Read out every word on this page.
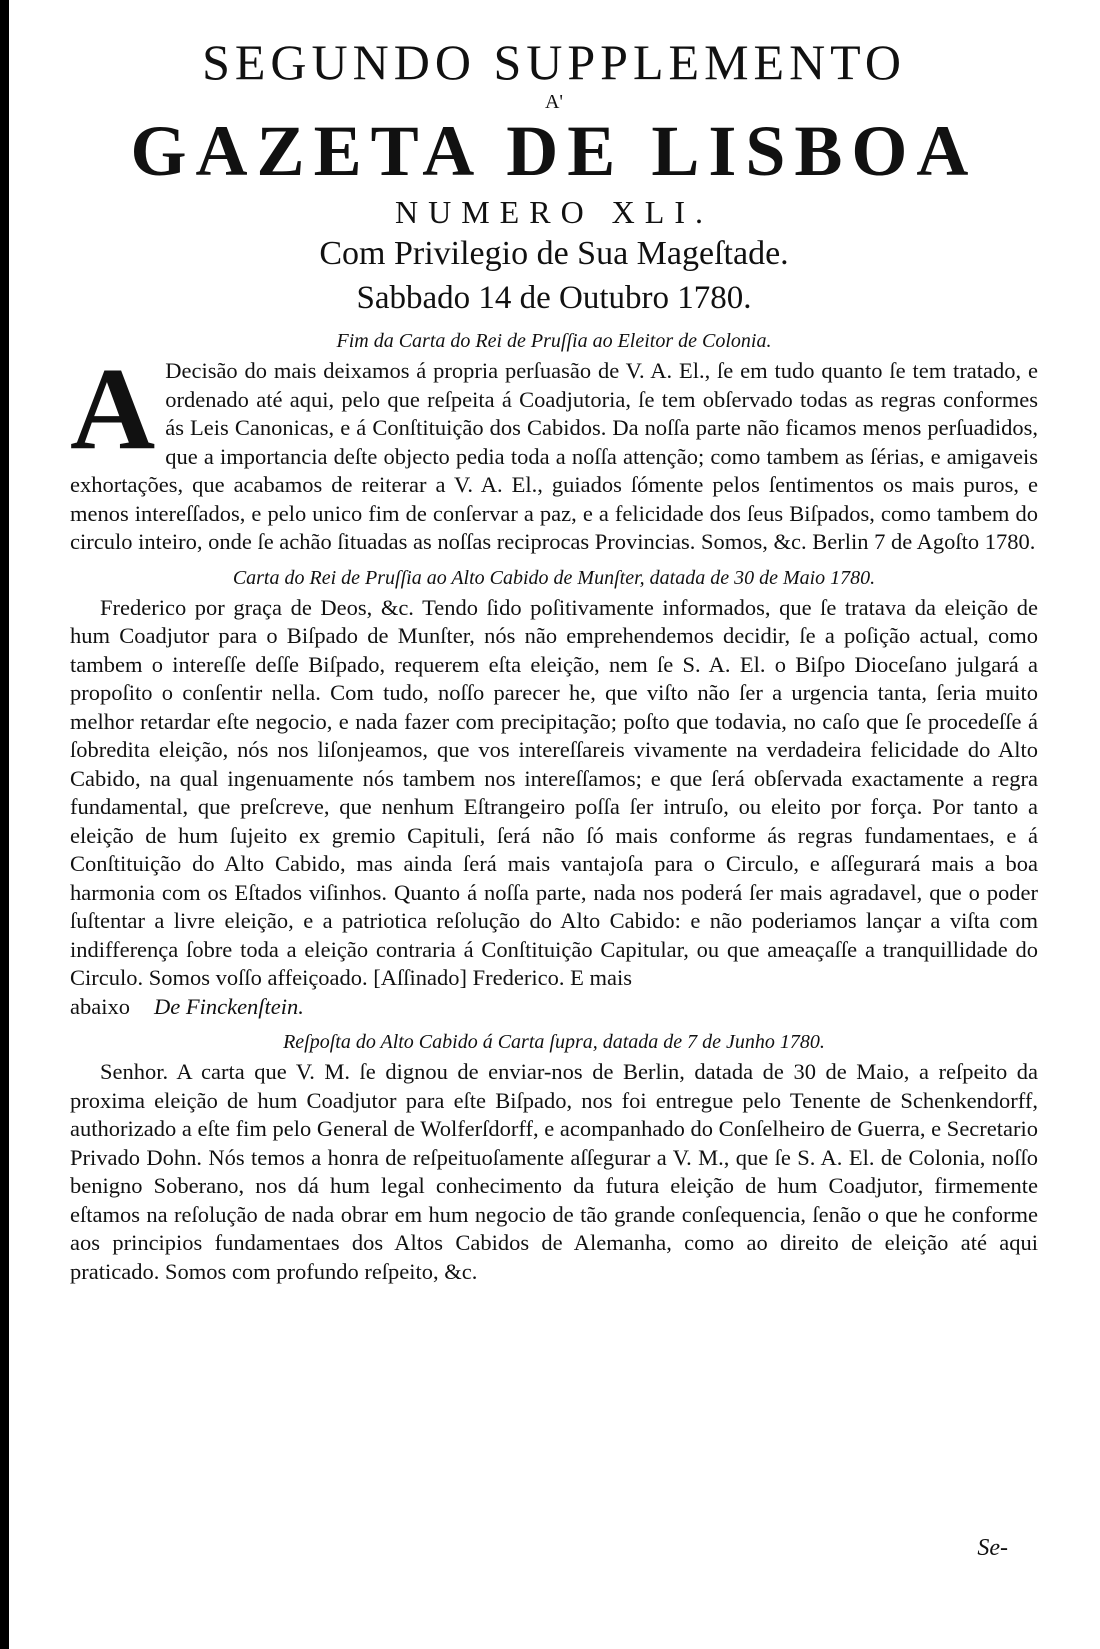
SEGUNDO SUPPLEMENTO
A'
GAZETA DE LISBOA
NUMERO XLI.
Com Privilegio de Sua Mageſtade.
Sabbado 14 de Outubro 1780.
Fim da Carta do Rei de Pruſſia ao Eleitor de Colonia.

A Decisão do mais deixamos á propria perſuasão de V. A. El., ſe em tudo quanto ſe tem tratado, e ordenado até aqui, pelo que reſpeita á Coadjutoria, ſe tem obſervado todas as regras conformes ás Leis Canonicas, e á Conſtituição dos Cabidos. Da noſſa parte não ficamos menos perſuadidos, que a importancia deſte objecto pedia toda a noſſa attenção; como tambem as ſérias, e amigaveis exhortações, que acabamos de reiterar a V. A. El., guiados ſómente pelos ſentimentos os mais puros, e menos intereſſados, e pelo unico fim de conſervar a paz, e a felicidade dos ſeus Biſpados, como tambem do circulo inteiro, onde ſe achão ſituadas as noſſas reciprocas Provincias. Somos, &c. Berlin 7 de Agoſto 1780.

Carta do Rei de Pruſſia ao Alto Cabido de Munſter, datada de 30 de Maio 1780.

Frederico por graça de Deos, &c. Tendo ſido poſitivamente informados, que ſe tratava da eleição de hum Coadjutor para o Biſpado de Munſter, nós não emprehendemos decidir, ſe a poſição actual, como tambem o intereſſe deſſe Biſpado, requerem eſta eleição, nem ſe S. A. El. o Biſpo Dioceſano julgará a propoſito o conſentir nella. Com tudo, noſſo parecer he, que viſto não ſer a urgencia tanta, ſeria muito melhor retardar eſte negocio, e nada fazer com precipitação; poſto que todavia, no caſo que ſe procedeſſe á ſobredita eleição, nós nos liſonjeamos, que vos intereſſareis vivamente na verdadeira felicidade do Alto Cabido, na qual ingenuamente nós tambem nos intereſſamos; e que ſerá obſervada exactamente a regra fundamental, que preſcreve, que nenhum Eſtrangeiro poſſa ſer intruſo, ou eleito por força. Por tanto a eleição de hum ſujeito ex gremio Capituli, ſerá não ſó mais conforme ás regras fundamentaes, e á Conſtituição do Alto Cabido, mas ainda ſerá mais vantajoſa para o Circulo, e aſſegurará mais a boa harmonia com os Eſtados viſinhos. Quanto á noſſa parte, nada nos poderá ſer mais agradavel, que o poder ſuſtentar a livre eleição, e a patriotica reſolução do Alto Cabido: e não poderiamos lançar a viſta com indifferença ſobre toda a eleição contraria á Conſtituição Capitular, ou que ameaçaſſe a tranquillidade do Circulo. Somos voſſo affeiçoado. [Aſſinado] Frederico. E mais

abaixo De Finckenſtein.

Reſpoſta do Alto Cabido á Carta ſupra, datada de 7 de Junho 1780.

Senhor. A carta que V. M. ſe dignou de enviar-nos de Berlin, datada de 30 de Maio, a reſpeito da proxima eleição de hum Coadjutor para eſte Biſpado, nos foi entregue pelo Tenente de Schenkendorff, authorizado a eſte fim pelo General de Wolferſdorff, e acompanhado do Conſelheiro de Guerra, e Secretario Privado Dohn. Nós temos a honra de reſpeituoſamente aſſegurar a V. M., que ſe S. A. El. de Colonia, noſſo benigno Soberano, nos dá hum legal conhecimento da futura eleição de hum Coadjutor, firmemente eſtamos na reſolução de nada obrar em hum negocio de tão grande conſequencia, ſenão o que he conforme aos principios fundamentaes dos Altos Cabidos de Alemanha, como ao direito de eleição até aqui praticado. Somos com profundo reſpeito, &c.

Se-
